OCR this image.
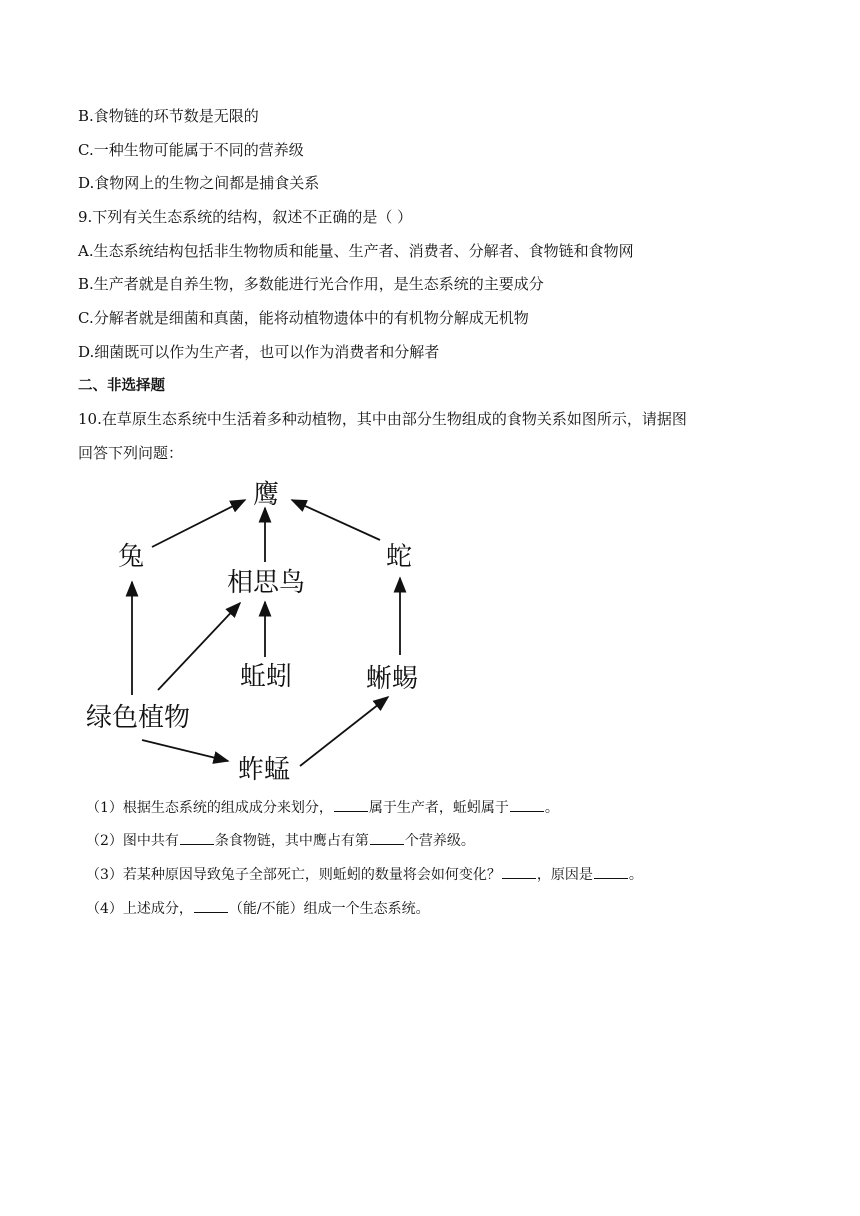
B.食物链的环节数是无限的
C.一种生物可能属于不同的营养级
D.食物网上的生物之间都是捕食关系
9.下列有关生态系统的结构，叙述不正确的是（ ）
A.生态系统结构包括非生物物质和能量、生产者、消费者、分解者、食物链和食物网
B.生产者就是自养生物，多数能进行光合作用，是生态系统的主要成分
C.分解者就是细菌和真菌，能将动植物遗体中的有机物分解成无机物
D.细菌既可以作为生产者，也可以作为消费者和分解者
二、非选择题
10.在草原生态系统中生活着多种动植物，其中由部分生物组成的食物关系如图所示，请据图
回答下列问题：
鹰
兔
相思鸟
蛇
蚯蚓	蜥蜴
绿色植物
蚱蜢
（1）根据生态系统的组成成分来划分，	属于生产者，蚯蚓属于	。
（2）图中共有	条食物链，其中鹰占有第	个营养级。
（3）若某种原因导致兔子全部死亡，则蚯蚓的数量将会如何变化？	，原因是	。
（4）上述成分，	（能/不能）组成一个生态系统。
